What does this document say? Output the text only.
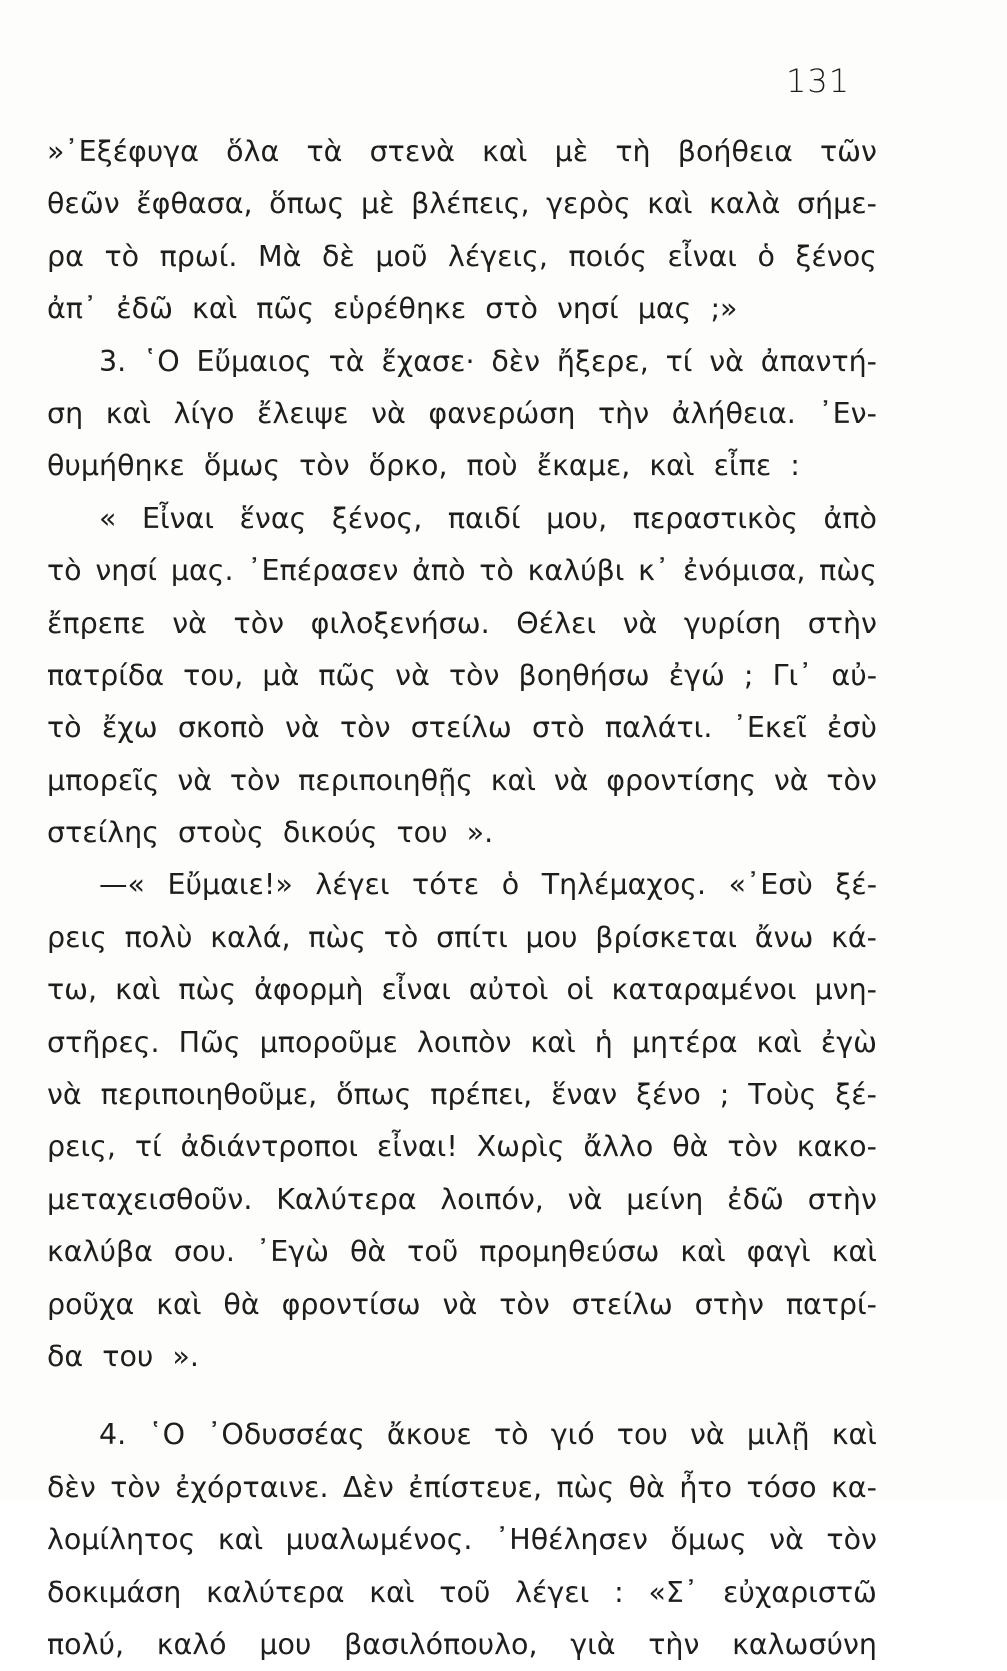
131
»᾿Εξέφυγα ὅλα τὰ στενὰ καὶ μὲ τὴ βοήθεια τῶν
θεῶν ἔφθασα, ὅπως μὲ βλέπεις, γερὸς καὶ καλὰ σήμε-
ρα τὸ πρωί. Μὰ δὲ μοῦ λέγεις, ποιός εἶναι ὁ ξένος
ἀπ᾿ ἐδῶ καὶ πῶς εὑρέθηκε στὸ νησί μας ;»
3. ῾Ο Εὔμαιος τὰ ἔχασε· δὲν ἤξερε, τί νὰ ἀπαντή-
ση καὶ λίγο ἔλειψε νὰ φανερώση τὴν ἀλήθεια. ᾿Εν-
θυμήθηκε ὅμως τὸν ὅρκο, ποὺ ἔκαμε, καὶ εἶπε :
« Εἶναι ἕνας ξένος, παιδί μου, περαστικὸς ἀπὸ
τὸ νησί μας. ᾿Επέρασεν ἀπὸ τὸ καλύβι κ᾿ ἐνόμισα, πὼς
ἔπρεπε νὰ τὸν φιλοξενήσω. Θέλει νὰ γυρίση στὴν
πατρίδα του, μὰ πῶς νὰ τὸν βοηθήσω ἐγώ ; Γι᾿ αὐ-
τὸ ἔχω σκοπὸ νὰ τὸν στείλω στὸ παλάτι. ᾿Εκεῖ ἐσὺ
μπορεῖς νὰ τὸν περιποιηθῇς καὶ νὰ φροντίσης νὰ τὸν
στείλης στοὺς δικούς του ».
—« Εὔμαιε!» λέγει τότε ὁ Τηλέμαχος. «᾿Εσὺ ξέ-
ρεις πολὺ καλά, πὼς τὸ σπίτι μου βρίσκεται ἄνω κά-
τω, καὶ πὼς ἀφορμὴ εἶναι αὐτοὶ οἱ καταραμένοι μνη-
στῆρες. Πῶς μποροῦμε λοιπὸν καὶ ἡ μητέρα καὶ ἐγὼ
νὰ περιποιηθοῦμε, ὅπως πρέπει, ἕναν ξένο ; Τοὺς ξέ-
ρεις, τί ἀδιάντροποι εἶναι! Χωρὶς ἄλλο θὰ τὸν κακο-
μεταχεισθοῦν. Καλύτερα λοιπόν, νὰ μείνη ἐδῶ στὴν
καλύβα σου. ᾿Εγὼ θὰ τοῦ προμηθεύσω καὶ φαγὶ καὶ
ροῦχα καὶ θὰ φροντίσω νὰ τὸν στείλω στὴν πατρί-
δα του ».
4. ῾Ο ᾿Οδυσσέας ἄκουε τὸ γιό του νὰ μιλῇ καὶ
δὲν τὸν ἐχόρταινε. Δὲν ἐπίστευε, πὼς θὰ ἦτο τόσο κα-
λομίλητος καὶ μυαλωμένος. ᾿Ηθέλησεν ὅμως νὰ τὸν
δοκιμάση καλύτερα καὶ τοῦ λέγει : «Σ᾿ εὐχαριστῶ
πολύ, καλό μου βασιλόπουλο, γιὰ τὴν καλωσύνη
